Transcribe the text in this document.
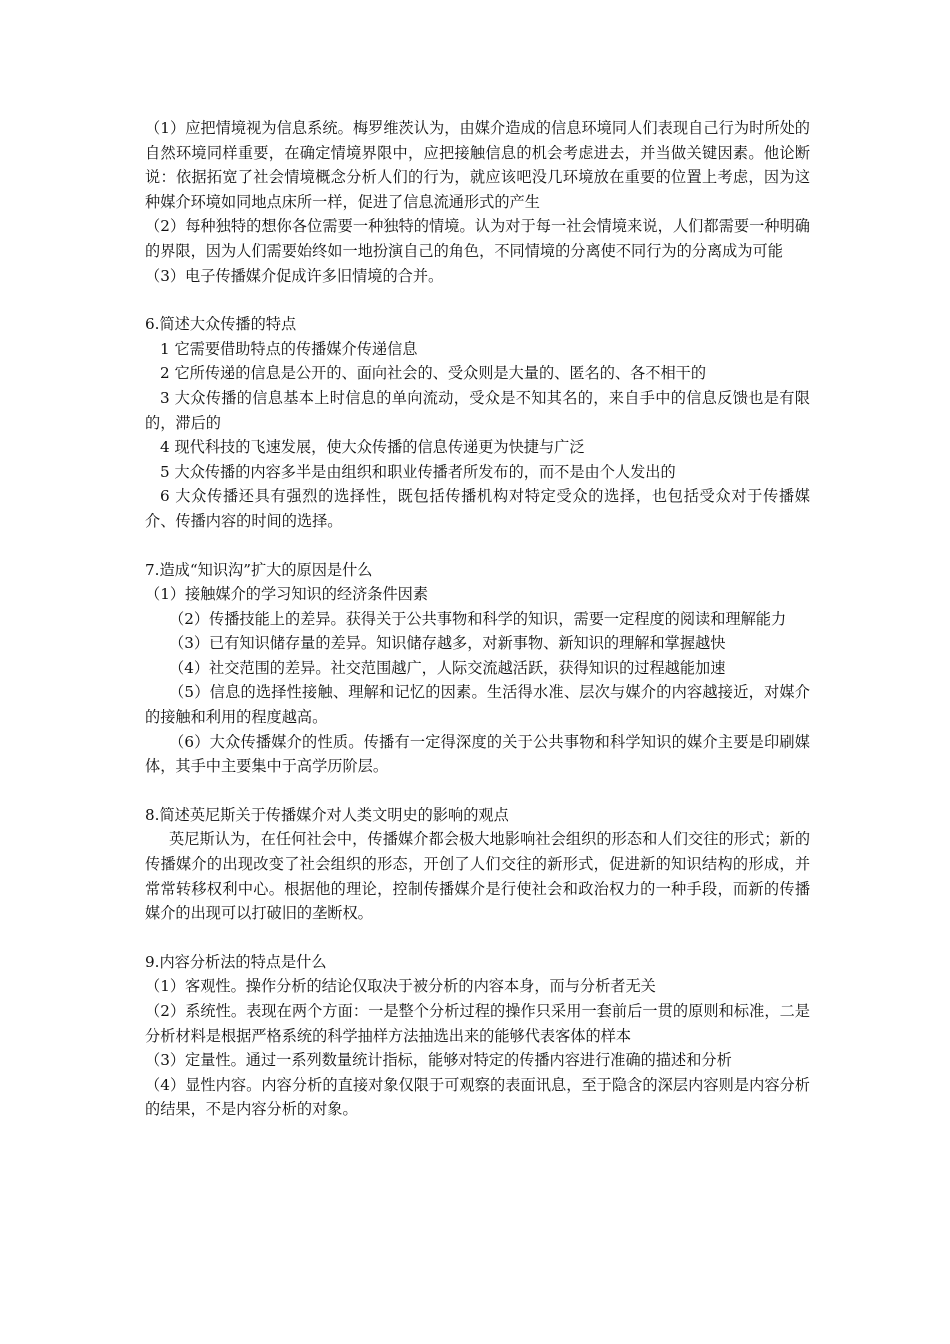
（1）应把情境视为信息系统。梅罗维茨认为，由媒介造成的信息环境同人们表现自己行为时所处的自然环境同样重要，在确定情境界限中，应把接触信息的机会考虑进去，并当做关键因素。他论断说：依据拓宽了社会情境概念分析人们的行为，就应该吧没几环境放在重要的位置上考虑，因为这种媒介环境如同地点床所一样，促进了信息流通形式的产生

（2）每种独特的想你各位需要一种独特的情境。认为对于每一社会情境来说，人们都需要一种明确的界限，因为人们需要始终如一地扮演自己的角色，不同情境的分离使不同行为的分离成为可能

（3）电子传播媒介促成许多旧情境的合并。

6.简述大众传播的特点

1 它需要借助特点的传播媒介传递信息

2 它所传递的信息是公开的、面向社会的、受众则是大量的、匿名的、各不相干的

3 大众传播的信息基本上时信息的单向流动，受众是不知其名的，来自手中的信息反馈也是有限的，滞后的

4 现代科技的飞速发展，使大众传播的信息传递更为快捷与广泛

5 大众传播的内容多半是由组织和职业传播者所发布的，而不是由个人发出的

6 大众传播还具有强烈的选择性，既包括传播机构对特定受众的选择，也包括受众对于传播媒介、传播内容的时间的选择。

7.造成“知识沟”扩大的原因是什么

（1）接触媒介的学习知识的经济条件因素

（2）传播技能上的差异。获得关于公共事物和科学的知识，需要一定程度的阅读和理解能力

（3）已有知识储存量的差异。知识储存越多，对新事物、新知识的理解和掌握越快

（4）社交范围的差异。社交范围越广，人际交流越活跃，获得知识的过程越能加速

（5）信息的选择性接触、理解和记忆的因素。生活得水准、层次与媒介的内容越接近，对媒介的接触和利用的程度越高。

（6）大众传播媒介的性质。传播有一定得深度的关于公共事物和科学知识的媒介主要是印刷媒体，其手中主要集中于高学历阶层。

8.简述英尼斯关于传播媒介对人类文明史的影响的观点

英尼斯认为，在任何社会中，传播媒介都会极大地影响社会组织的形态和人们交往的形式；新的传播媒介的出现改变了社会组织的形态，开创了人们交往的新形式，促进新的知识结构的形成，并常常转移权利中心。根据他的理论，控制传播媒介是行使社会和政治权力的一种手段，而新的传播媒介的出现可以打破旧的垄断权。

9.内容分析法的特点是什么

（1）客观性。操作分析的结论仅取决于被分析的内容本身，而与分析者无关

（2）系统性。表现在两个方面：一是整个分析过程的操作只采用一套前后一贯的原则和标准，二是分析材料是根据严格系统的科学抽样方法抽选出来的能够代表客体的样本

（3）定量性。通过一系列数量统计指标，能够对特定的传播内容进行准确的描述和分析

（4）显性内容。内容分析的直接对象仅限于可观察的表面讯息，至于隐含的深层内容则是内容分析的结果，不是内容分析的对象。
